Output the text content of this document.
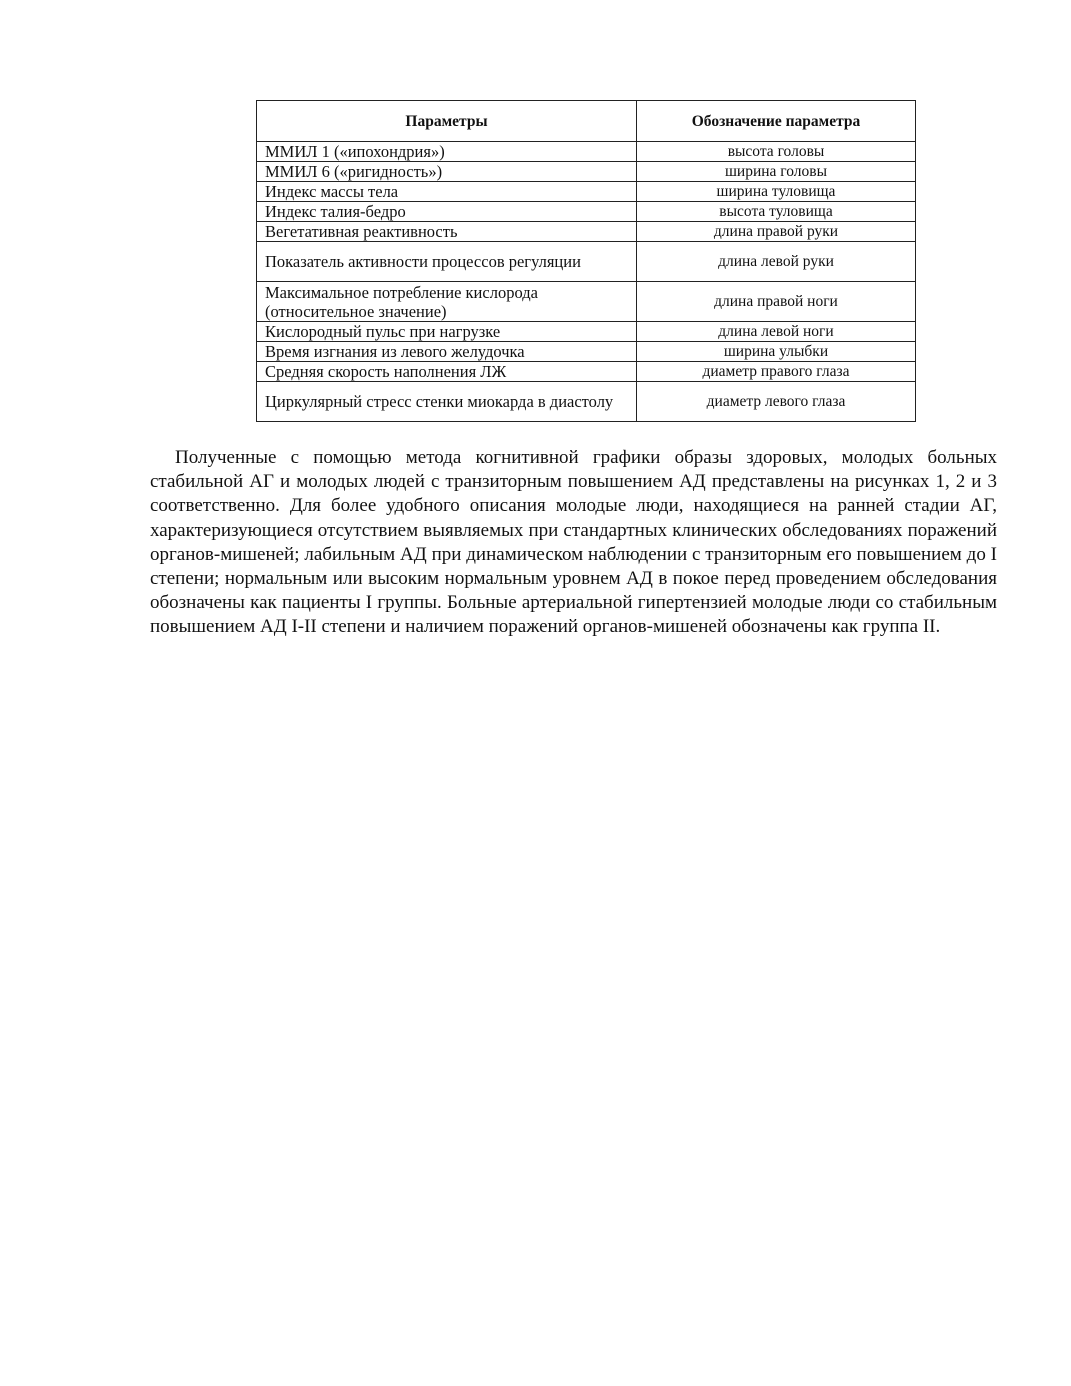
Параметры	Обозначение параметра
ММИЛ 1 («ипохондрия»)	высота головы
ММИЛ 6 («ригидность»)	ширина головы
Индекс массы тела	ширина туловища
Индекс талия-бедро	высота туловища
Вегетативная реактивность	длина правой руки
Показатель активности процессов регуляции	длина левой руки
Максимальное потребление кислорода (относительное значение)	длина правой ноги
Кислородный пульс при нагрузке	длина левой ноги
Время изгнания из левого желудочка	ширина улыбки
Средняя скорость наполнения ЛЖ	диаметр правого глаза
Циркулярный стресс стенки миокарда в диастолу	диаметр левого глаза

Полученные с помощью метода когнитивной графики образы здоровых, молодых больных стабильной АГ и молодых людей с транзиторным повышением АД представлены на рисунках 1, 2 и 3 соответственно. Для более удобного описания молодые люди, находящиеся на ранней стадии АГ, характеризующиеся отсутствием выявляемых при стандартных клинических обследованиях поражений органов-мишеней; лабильным АД при динамическом наблюдении с транзиторным его повышением до I степени; нормальным или высоким нормальным уровнем АД в покое перед проведением обследования обозначены как пациенты I группы. Больные артериальной гипертензией молодые люди со стабильным повышением АД I-II степени и наличием поражений органов-мишеней обозначены как группа II.
